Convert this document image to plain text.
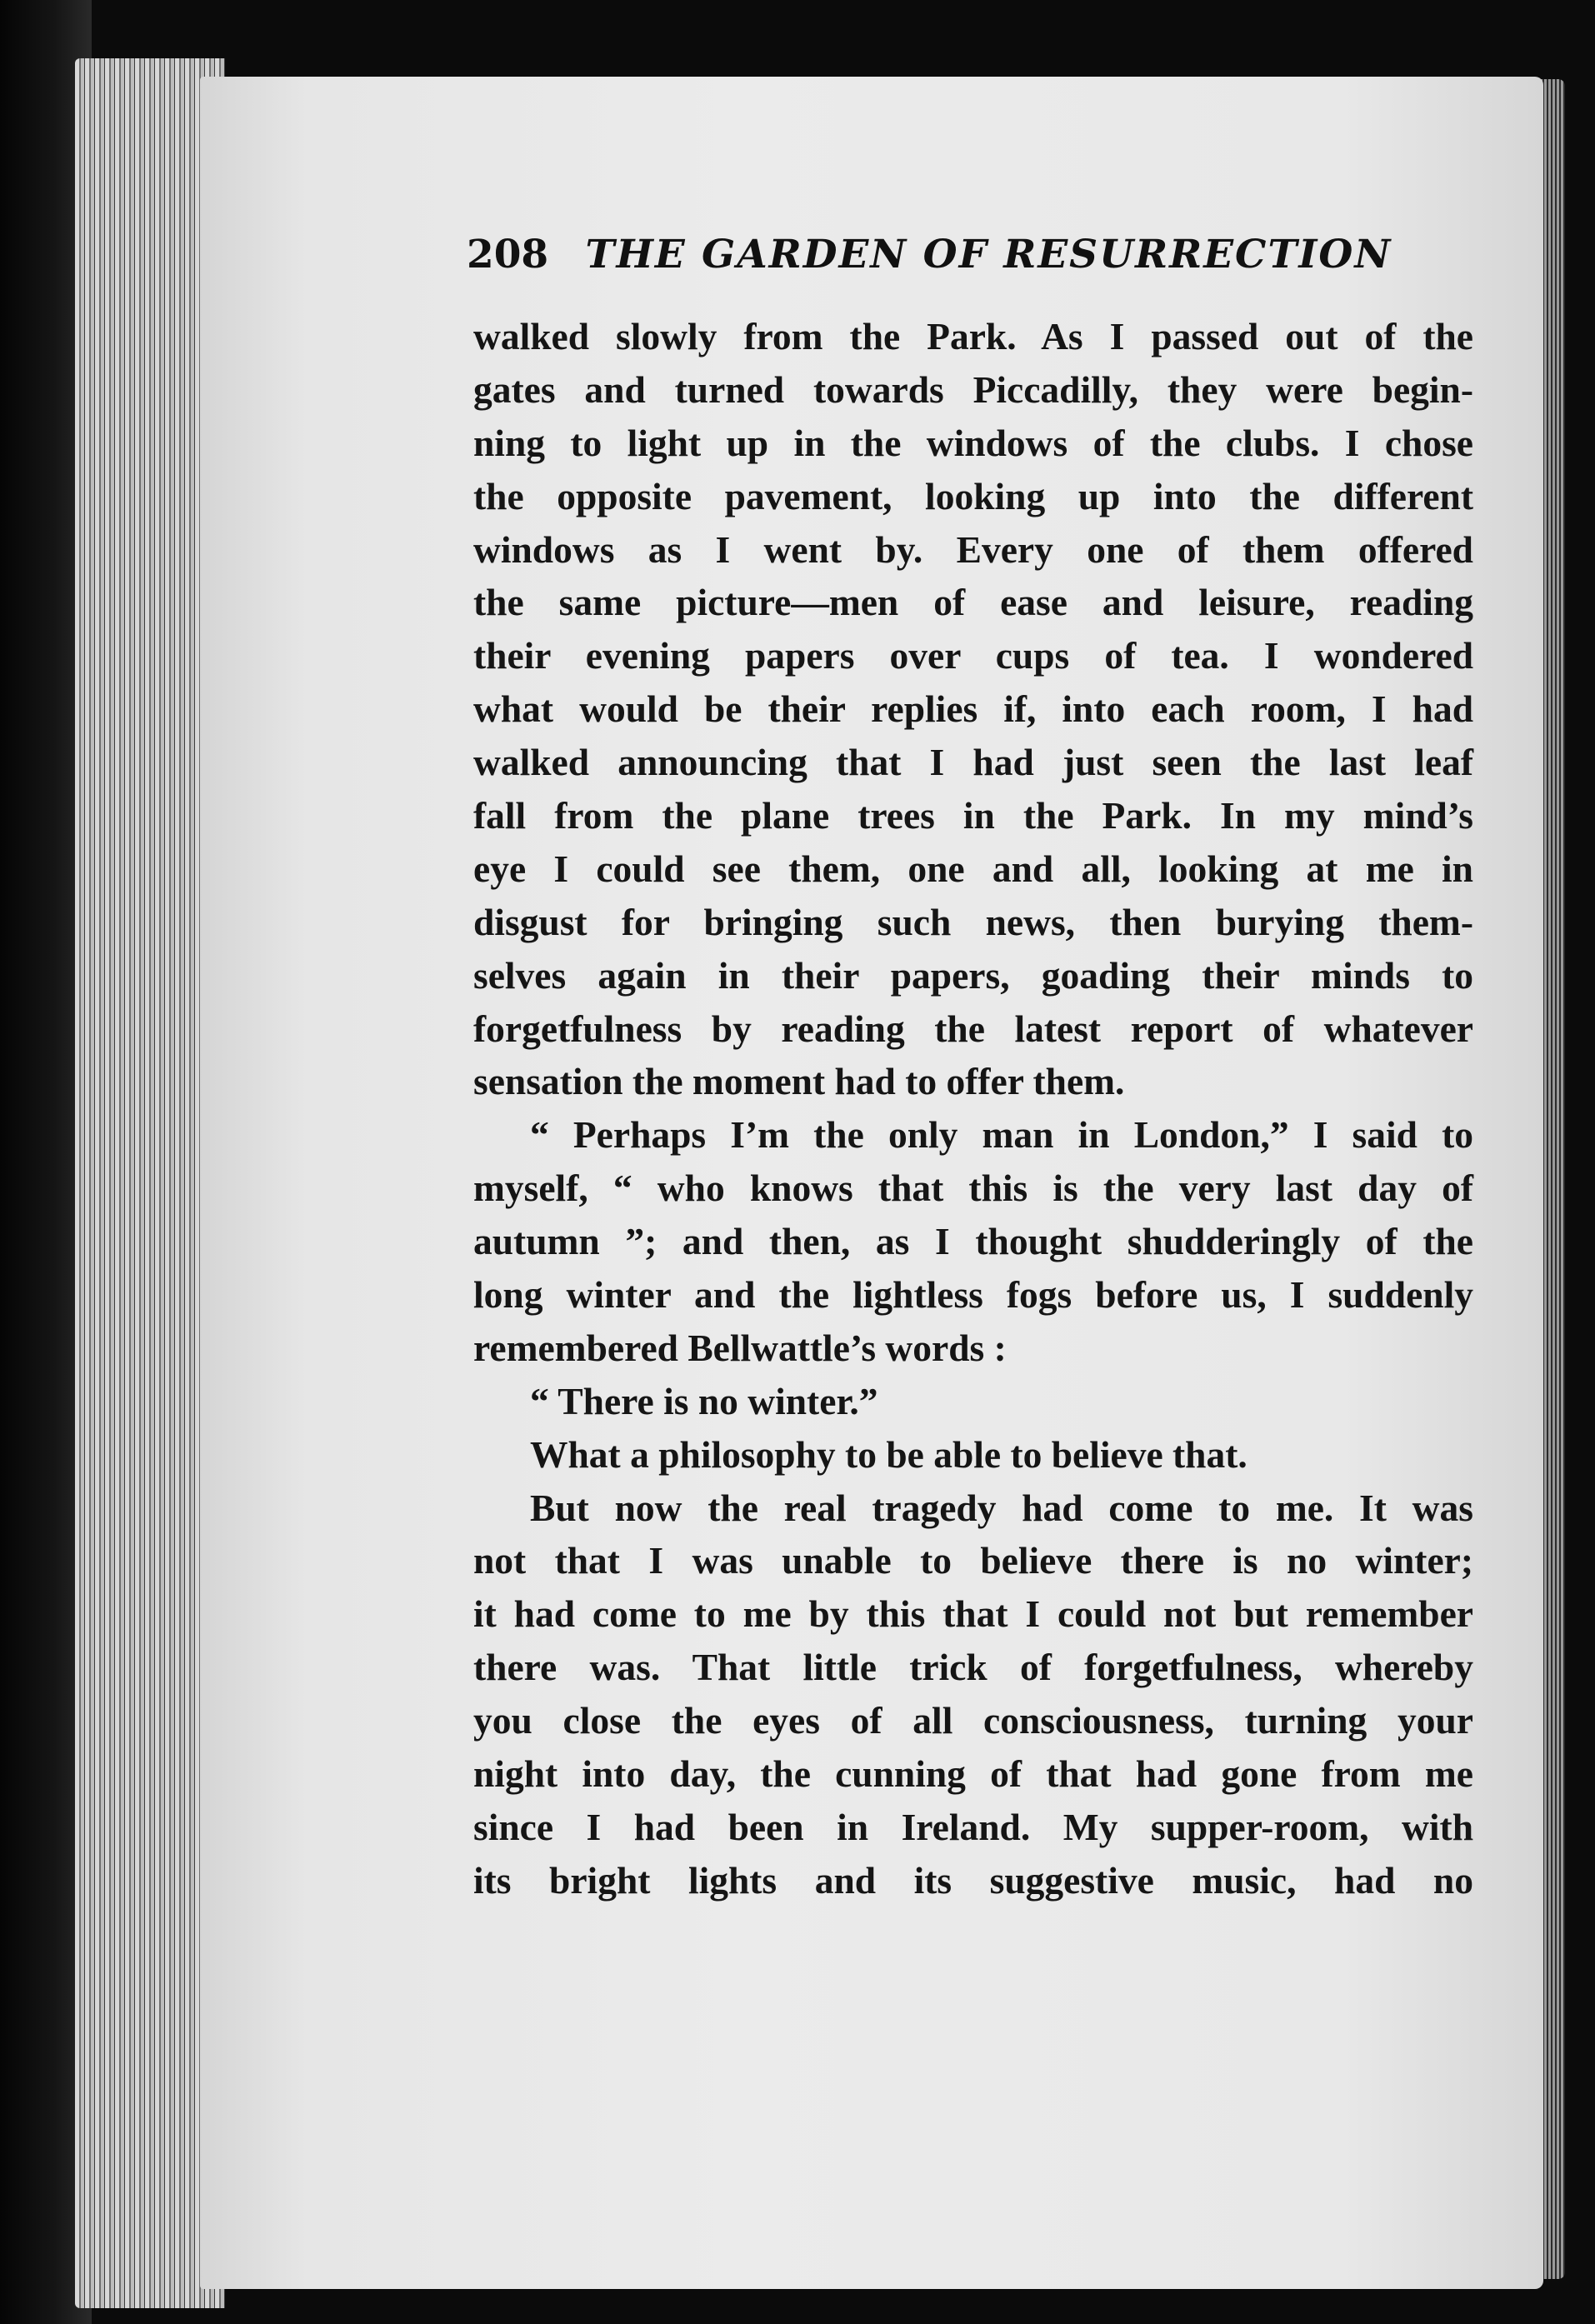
208 THE GARDEN OF RESURRECTION
walked slowly from the Park. As I passed out of the
gates and turned towards Piccadilly, they were begin-
ning to light up in the windows of the clubs. I chose
the opposite pavement, looking up into the different
windows as I went by. Every one of them offered
the same picture—men of ease and leisure, reading
their evening papers over cups of tea. I wondered
what would be their replies if, into each room, I had
walked announcing that I had just seen the last leaf
fall from the plane trees in the Park. In my mind’s
eye I could see them, one and all, looking at me in
disgust for bringing such news, then burying them-
selves again in their papers, goading their minds to
forgetfulness by reading the latest report of whatever
sensation the moment had to offer them.
“ Perhaps I’m the only man in London,” I said to
myself, “ who knows that this is the very last day of
autumn ”; and then, as I thought shudderingly of the
long winter and the lightless fogs before us, I suddenly
remembered Bellwattle’s words :
“ There is no winter.”
What a philosophy to be able to believe that.
But now the real tragedy had come to me. It was
not that I was unable to believe there is no winter;
it had come to me by this that I could not but remember
there was. That little trick of forgetfulness, whereby
you close the eyes of all consciousness, turning your
night into day, the cunning of that had gone from me
since I had been in Ireland. My supper-room, with
its bright lights and its suggestive music, had no
